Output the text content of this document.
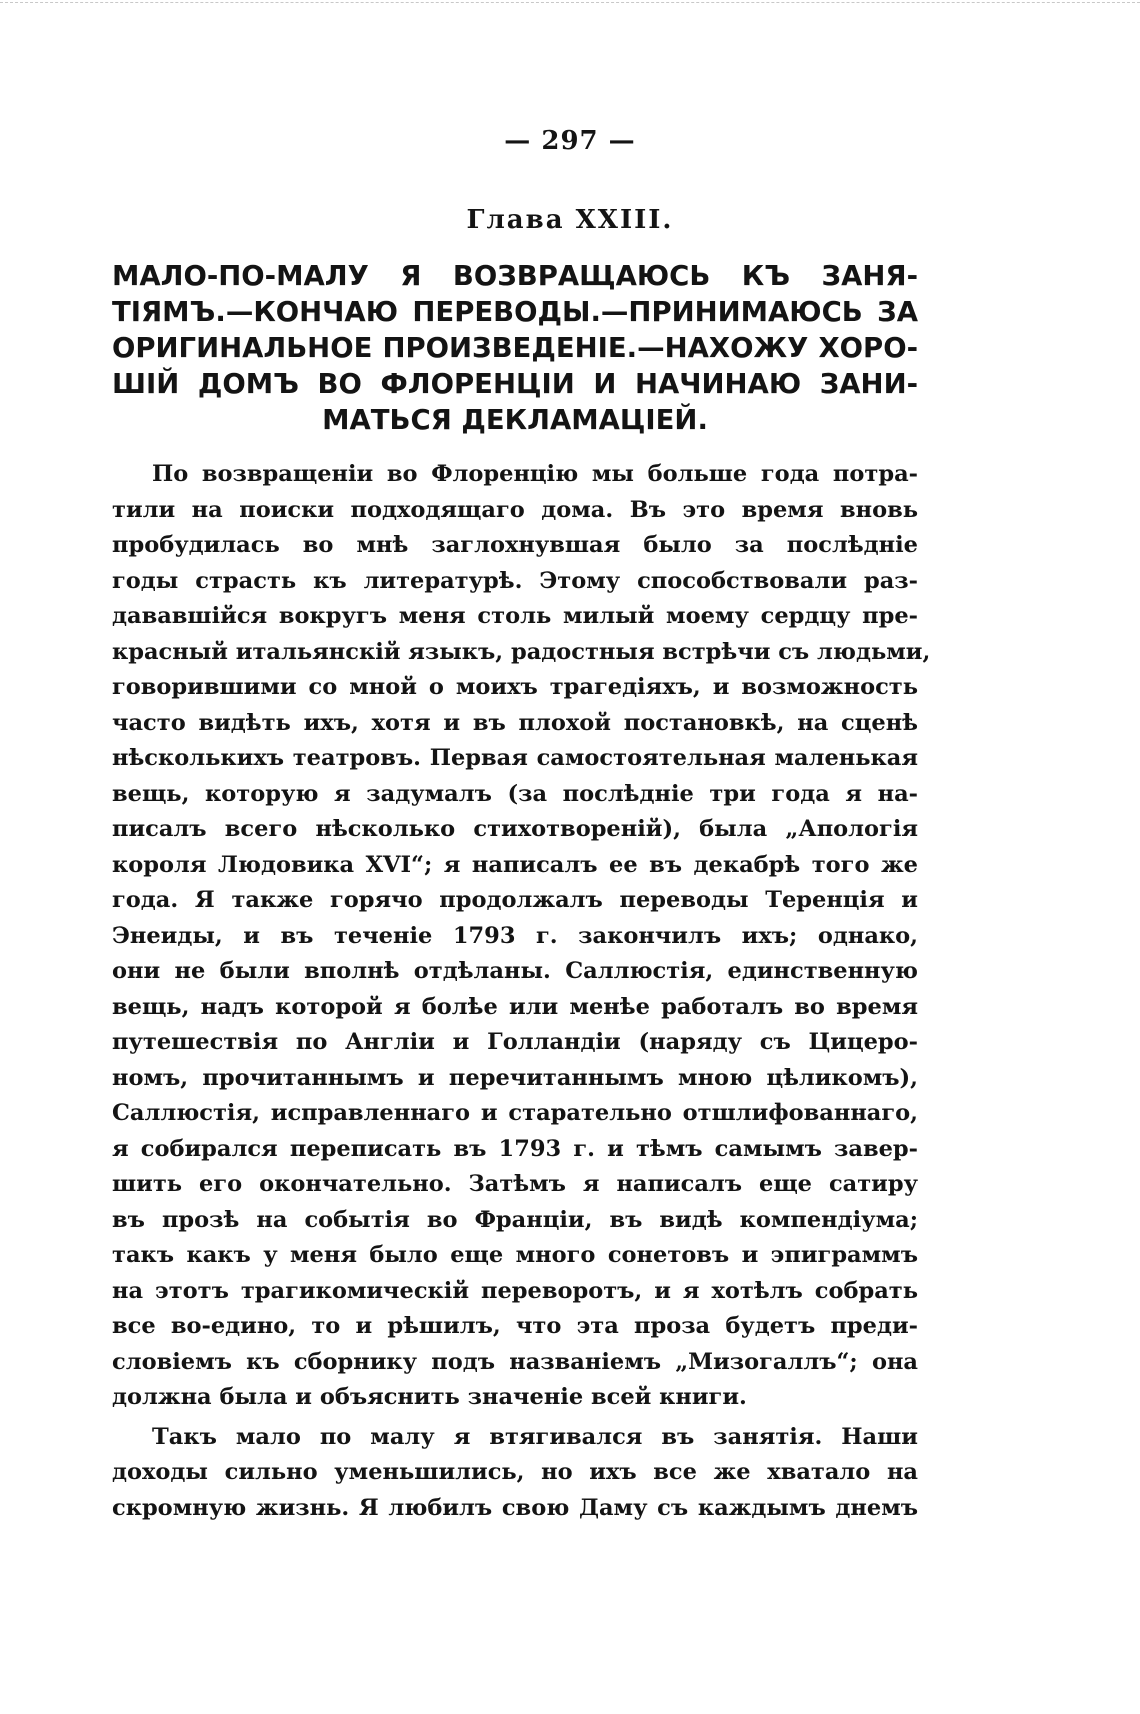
— 297 —
Глава XXIII.
МАЛО-ПО-МАЛУ Я ВОЗВРАЩАЮСЬ КЪ ЗАНЯ-
ТІЯМЪ.—КОНЧАЮ ПЕРЕВОДЫ.—ПРИНИМАЮСЬ ЗА
ОРИГИНАЛЬНОЕ ПРОИЗВЕДЕНІЕ.—НАХОЖУ ХОРО-
ШІЙ ДОМЪ ВО ФЛОРЕНЦІИ И НАЧИНАЮ ЗАНИ-
МАТЬСЯ ДЕКЛАМАЦІЕЙ.

По возвращеніи во Флоренцію мы больше года потра-
тили на поиски подходящаго дома. Въ это время вновь
пробудилась во мнѣ заглохнувшая было за послѣдніе
годы страсть къ литературѣ. Этому способствовали раз-
дававшійся вокругъ меня столь милый моему сердцу пре-
красный итальянскій языкъ, радостныя встрѣчи съ людьми,
говорившими со мной о моихъ трагедіяхъ, и возможность
часто видѣть ихъ, хотя и въ плохой постановкѣ, на сценѣ
нѣсколькихъ театровъ. Первая самостоятельная маленькая
вещь, которую я задумалъ (за послѣдніе три года я на-
писалъ всего нѣсколько стихотвореній), была „Апологія
короля Людовика XVI“; я написалъ ее въ декабрѣ того же
года. Я также горячо продолжалъ переводы Теренція и
Энеиды, и въ теченіе 1793 г. закончилъ ихъ; однако,
они не были вполнѣ отдѣланы. Саллюстія, единственную
вещь, надъ которой я болѣе или менѣе работалъ во время
путешествія по Англіи и Голландіи (наряду съ Цицеро-
номъ, прочитаннымъ и перечитаннымъ мною цѣликомъ),
Саллюстія, исправленнаго и старательно отшлифованнаго,
я собирался переписать въ 1793 г. и тѣмъ самымъ завер-
шить его окончательно. Затѣмъ я написалъ еще сатиру
въ прозѣ на событія во Франціи, въ видѣ компендіума;
такъ какъ у меня было еще много сонетовъ и эпиграммъ
на этотъ трагикомическій переворотъ, и я хотѣлъ собрать
все во-едино, то и рѣшилъ, что эта проза будетъ преди-
словіемъ къ сборнику подъ названіемъ „Мизогаллъ“; она
должна была и объяснить значеніе всей книги.

Такъ мало по малу я втягивался въ занятія. Наши
доходы сильно уменьшились, но ихъ все же хватало на
скромную жизнь. Я любилъ свою Даму съ каждымъ днемъ
